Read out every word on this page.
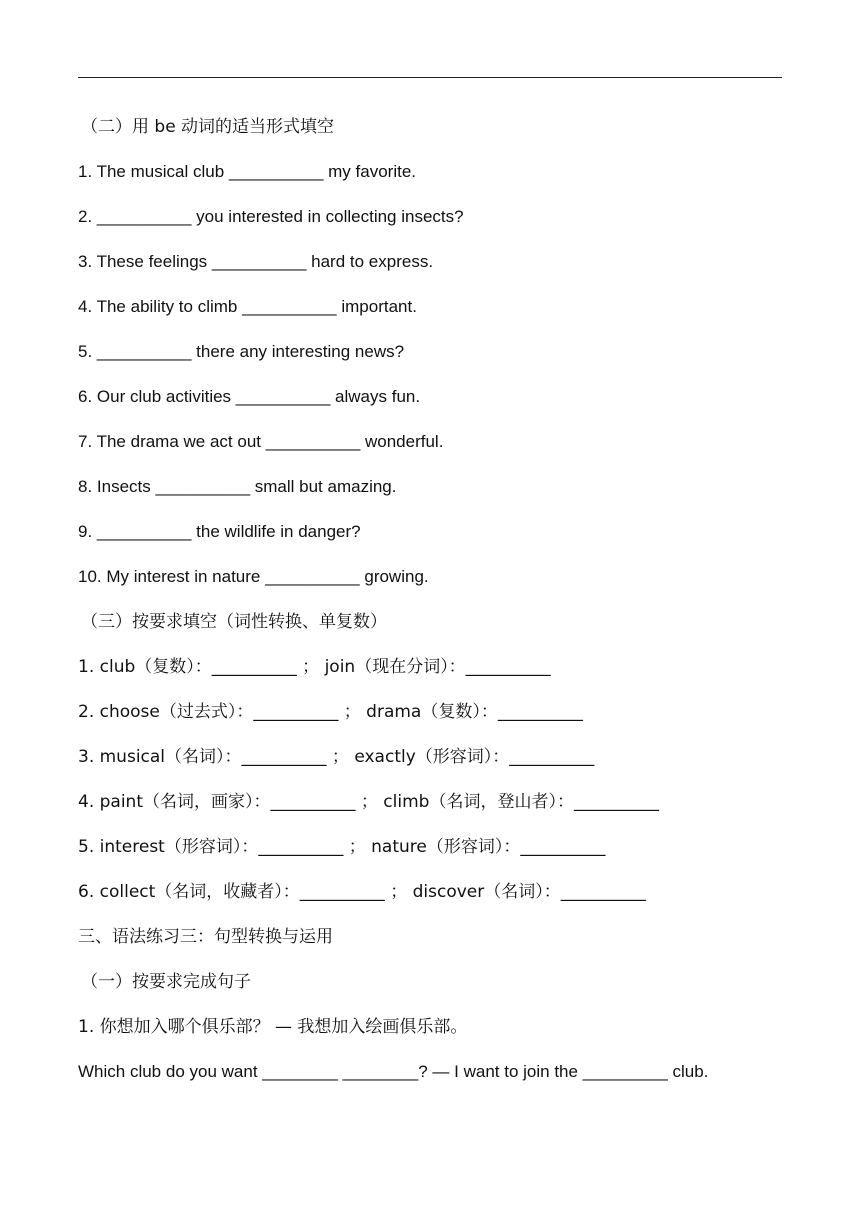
（二）用 be 动词的适当形式填空
1. The musical club __________ my favorite.
2. __________ you interested in collecting insects?
3. These feelings __________ hard to express.
4. The ability to climb __________ important.
5. __________ there any interesting news?
6. Our club activities __________ always fun.
7. The drama we act out __________ wonderful.
8. Insects __________ small but amazing.
9. __________ the wildlife in danger?
10. My interest in nature __________ growing.
（三）按要求填空（词性转换、单复数）
1. club（复数）：__________ ； join（现在分词）：__________
2. choose（过去式）：__________ ； drama（复数）：__________
3. musical（名词）：__________ ； exactly（形容词）：__________
4. paint（名词，画家）：__________ ； climb（名词，登山者）：__________
5. interest（形容词）：__________ ； nature（形容词）：__________
6. collect（名词，收藏者）：__________ ； discover（名词）：__________
三、语法练习三：句型转换与运用
（一）按要求完成句子
1. 你想加入哪个俱乐部？ — 我想加入绘画俱乐部。
Which club do you want ________ ________? — I want to join the _________ club.
